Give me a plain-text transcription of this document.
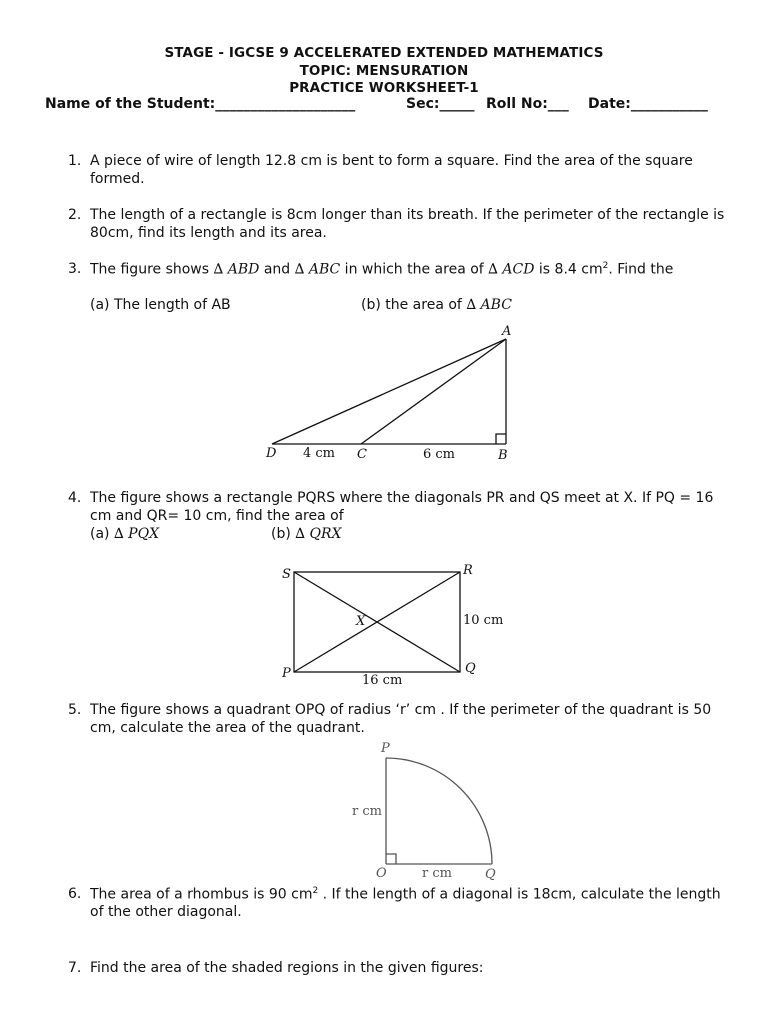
STAGE - IGCSE 9 ACCELERATED EXTENDED MATHEMATICS
TOPIC: MENSURATION
PRACTICE WORKSHEET-1
Name of the Student:____________________	Sec:_____ Roll No:___ Date:___________
1. A piece of wire of length 12.8 cm is bent to form a square. Find the area of the square
formed.
2. The length of a rectangle is 8cm longer than its breath. If the perimeter of the rectangle is
80cm, find its length and its area.
3. The figure shows ∆ ABD and ∆ ABC in which the area of ∆ ACD is 8.4 $cm^2$. Find the
(a) The length of AB	(b) the area of ∆ ABC
A
D	C	B
4 cm	6 cm
4. The figure shows a rectangle PQRS where the diagonals PR and QS meet at X. If PQ = 16
cm and QR= 10 cm, find the area of
(a) ∆ PQX	(b) ∆ QRX
S	R
P	Q
X	10 cm
16 cm
5. The figure shows a quadrant OPQ of radius ‘r’ cm . If the perimeter of the quadrant is 50
cm, calculate the area of the quadrant.
P
O	Q
r cm
r cm
6. The area of a rhombus is 90 $cm^2$ . If the length of a diagonal is 18cm, calculate the length
of the other diagonal.
7. Find the area of the shaded regions in the given figures:
